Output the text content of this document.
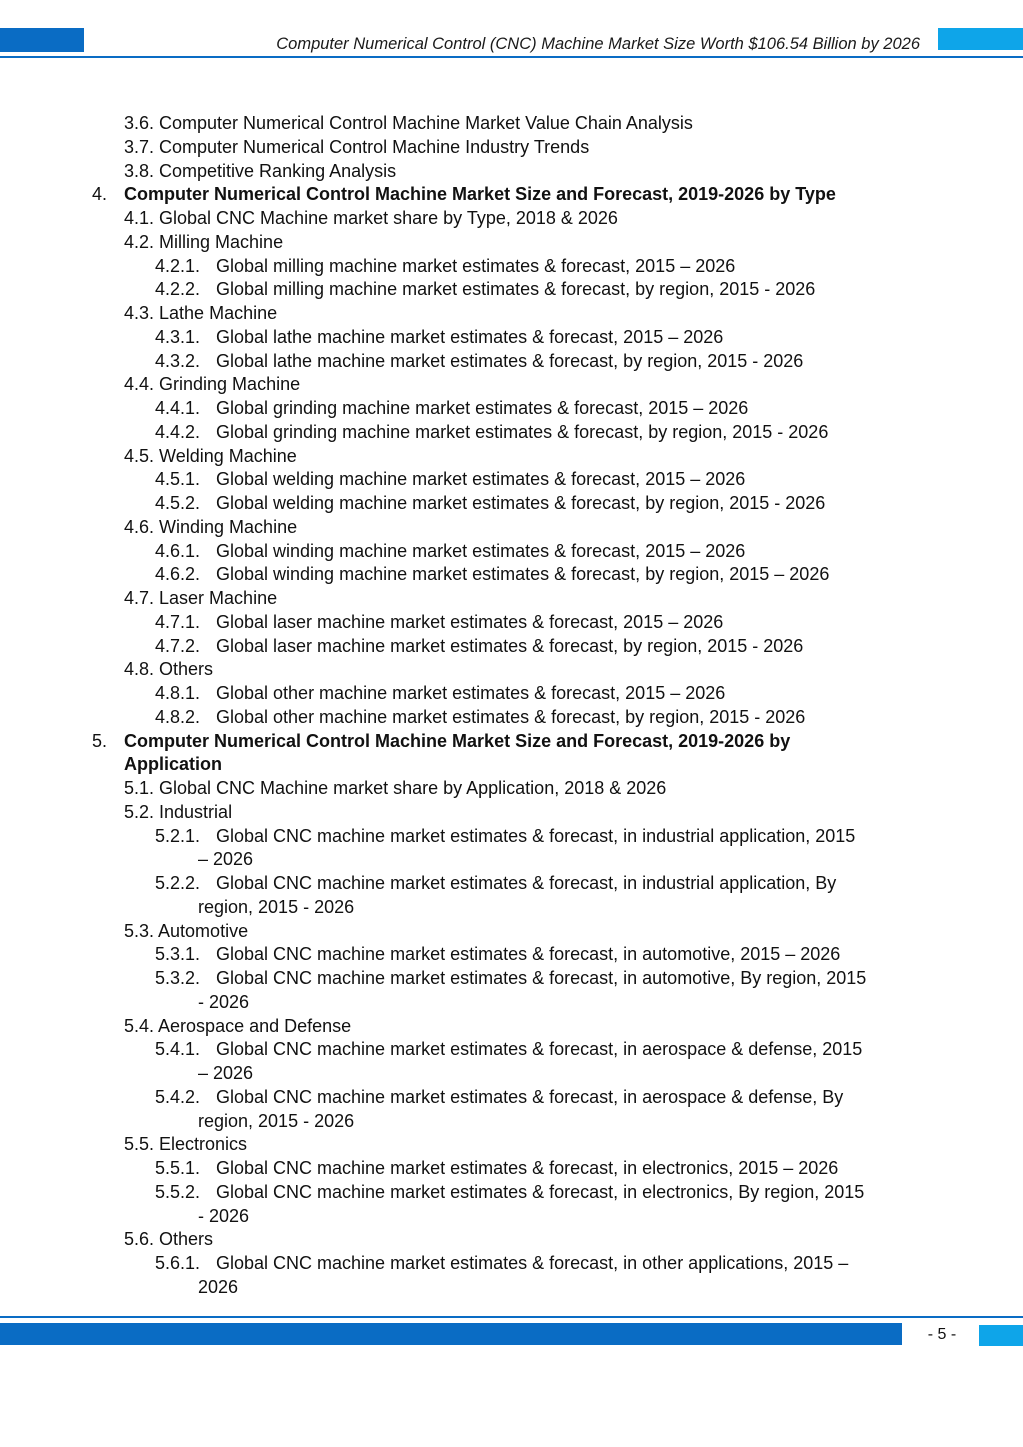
Computer Numerical Control (CNC) Machine Market Size Worth $106.54 Billion by 2026
3.6. Computer Numerical Control Machine Market Value Chain Analysis
3.7. Computer Numerical Control Machine Industry Trends
3.8. Competitive Ranking Analysis
4. Computer Numerical Control Machine Market Size and Forecast, 2019-2026 by Type
4.1. Global CNC Machine market share by Type, 2018 & 2026
4.2. Milling Machine
4.2.1. Global milling machine market estimates & forecast, 2015 – 2026
4.2.2. Global milling machine market estimates & forecast, by region, 2015 - 2026
4.3. Lathe Machine
4.3.1. Global lathe machine market estimates & forecast, 2015 – 2026
4.3.2. Global lathe machine market estimates & forecast, by region, 2015 - 2026
4.4. Grinding Machine
4.4.1. Global grinding machine market estimates & forecast, 2015 – 2026
4.4.2. Global grinding machine market estimates & forecast, by region, 2015 - 2026
4.5. Welding Machine
4.5.1. Global welding machine market estimates & forecast, 2015 – 2026
4.5.2. Global welding machine market estimates & forecast, by region, 2015 - 2026
4.6. Winding Machine
4.6.1. Global winding machine market estimates & forecast, 2015 – 2026
4.6.2. Global winding machine market estimates & forecast, by region, 2015 – 2026
4.7. Laser Machine
4.7.1. Global laser machine market estimates & forecast, 2015 – 2026
4.7.2. Global laser machine market estimates & forecast, by region, 2015 - 2026
4.8. Others
4.8.1. Global other machine market estimates & forecast, 2015 – 2026
4.8.2. Global other machine market estimates & forecast, by region, 2015 - 2026
5. Computer Numerical Control Machine Market Size and Forecast, 2019-2026 by
Application
5.1. Global CNC Machine market share by Application, 2018 & 2026
5.2. Industrial
5.2.1. Global CNC machine market estimates & forecast, in industrial application, 2015
– 2026
5.2.2. Global CNC machine market estimates & forecast, in industrial application, By
region, 2015 - 2026
5.3. Automotive
5.3.1. Global CNC machine market estimates & forecast, in automotive, 2015 – 2026
5.3.2. Global CNC machine market estimates & forecast, in automotive, By region, 2015
- 2026
5.4. Aerospace and Defense
5.4.1. Global CNC machine market estimates & forecast, in aerospace & defense, 2015
– 2026
5.4.2. Global CNC machine market estimates & forecast, in aerospace & defense, By
region, 2015 - 2026
5.5. Electronics
5.5.1. Global CNC machine market estimates & forecast, in electronics, 2015 – 2026
5.5.2. Global CNC machine market estimates & forecast, in electronics, By region, 2015
- 2026
5.6. Others
5.6.1. Global CNC machine market estimates & forecast, in other applications, 2015 –
2026
- 5 -
